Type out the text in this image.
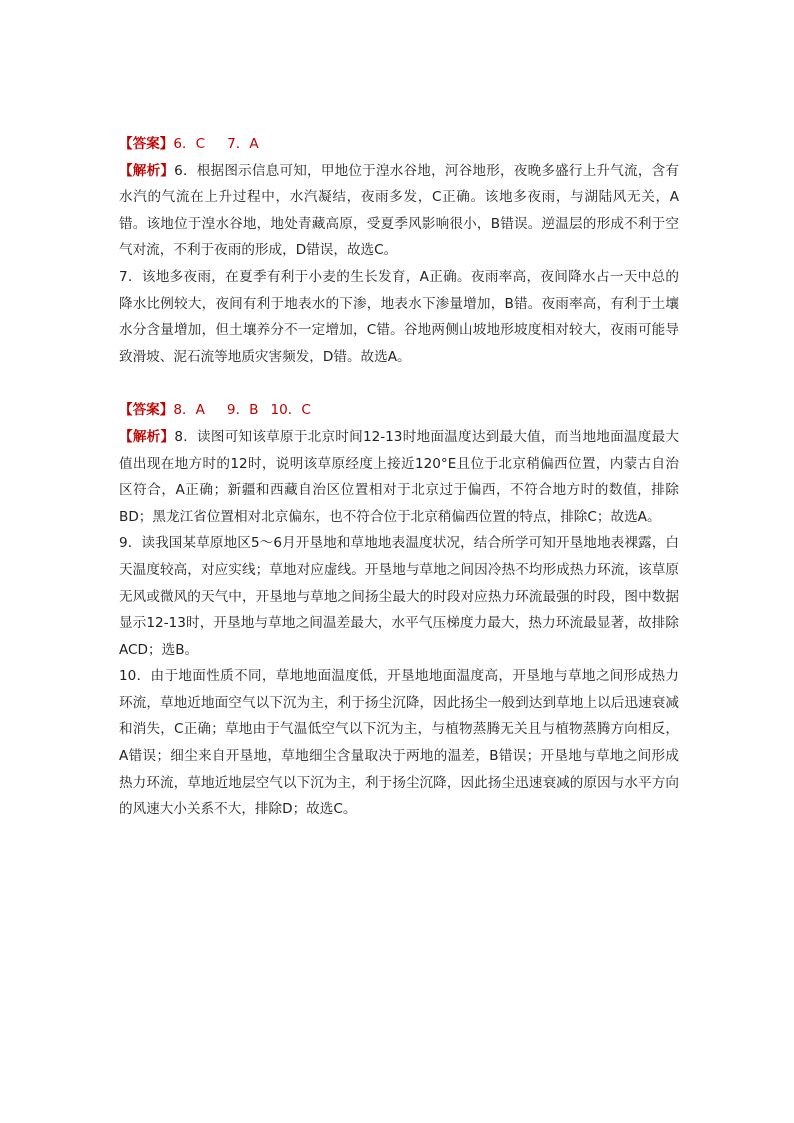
【答案】6．C 7．A

【解析】6．根据图示信息可知，甲地位于湟水谷地，河谷地形，夜晚多盛行上升气流，含有水汽的气流在上升过程中，水汽凝结，夜雨多发，C正确。该地多夜雨，与湖陆风无关，A错。该地位于湟水谷地，地处青藏高原，受夏季风影响很小，B错误。逆温层的形成不利于空气对流，不利于夜雨的形成，D错误，故选C。

7．该地多夜雨，在夏季有利于小麦的生长发育，A正确。夜雨率高，夜间降水占一天中总的降水比例较大，夜间有利于地表水的下渗，地表水下渗量增加，B错。夜雨率高，有利于土壤水分含量增加，但土壤养分不一定增加，C错。谷地两侧山坡地形坡度相对较大，夜雨可能导致滑坡、泥石流等地质灾害频发，D错。故选A。

【答案】8．A 9．B 10．C

【解析】8．读图可知该草原于北京时间12-13时地面温度达到最大值，而当地地面温度最大值出现在地方时的12时，说明该草原经度上接近120°E且位于北京稍偏西位置，内蒙古自治区符合，A正确；新疆和西藏自治区位置相对于北京过于偏西，不符合地方时的数值，排除BD；黑龙江省位置相对北京偏东，也不符合位于北京稍偏西位置的特点，排除C；故选A。

9．读我国某草原地区5～6月开垦地和草地地表温度状况，结合所学可知开垦地地表裸露，白天温度较高，对应实线；草地对应虚线。开垦地与草地之间因冷热不均形成热力环流，该草原无风或微风的天气中，开垦地与草地之间扬尘最大的时段对应热力环流最强的时段，图中数据显示12-13时，开垦地与草地之间温差最大，水平气压梯度力最大，热力环流最显著，故排除ACD；选B。

10．由于地面性质不同，草地地面温度低，开垦地地面温度高，开垦地与草地之间形成热力环流，草地近地面空气以下沉为主，利于扬尘沉降，因此扬尘一般到达到草地上以后迅速衰减和消失，C正确；草地由于气温低空气以下沉为主，与植物蒸腾无关且与植物蒸腾方向相反，A错误；细尘来自开垦地，草地细尘含量取决于两地的温差，B错误；开垦地与草地之间形成热力环流，草地近地层空气以下沉为主，利于扬尘沉降，因此扬尘迅速衰减的原因与水平方向的风速大小关系不大，排除D；故选C。
